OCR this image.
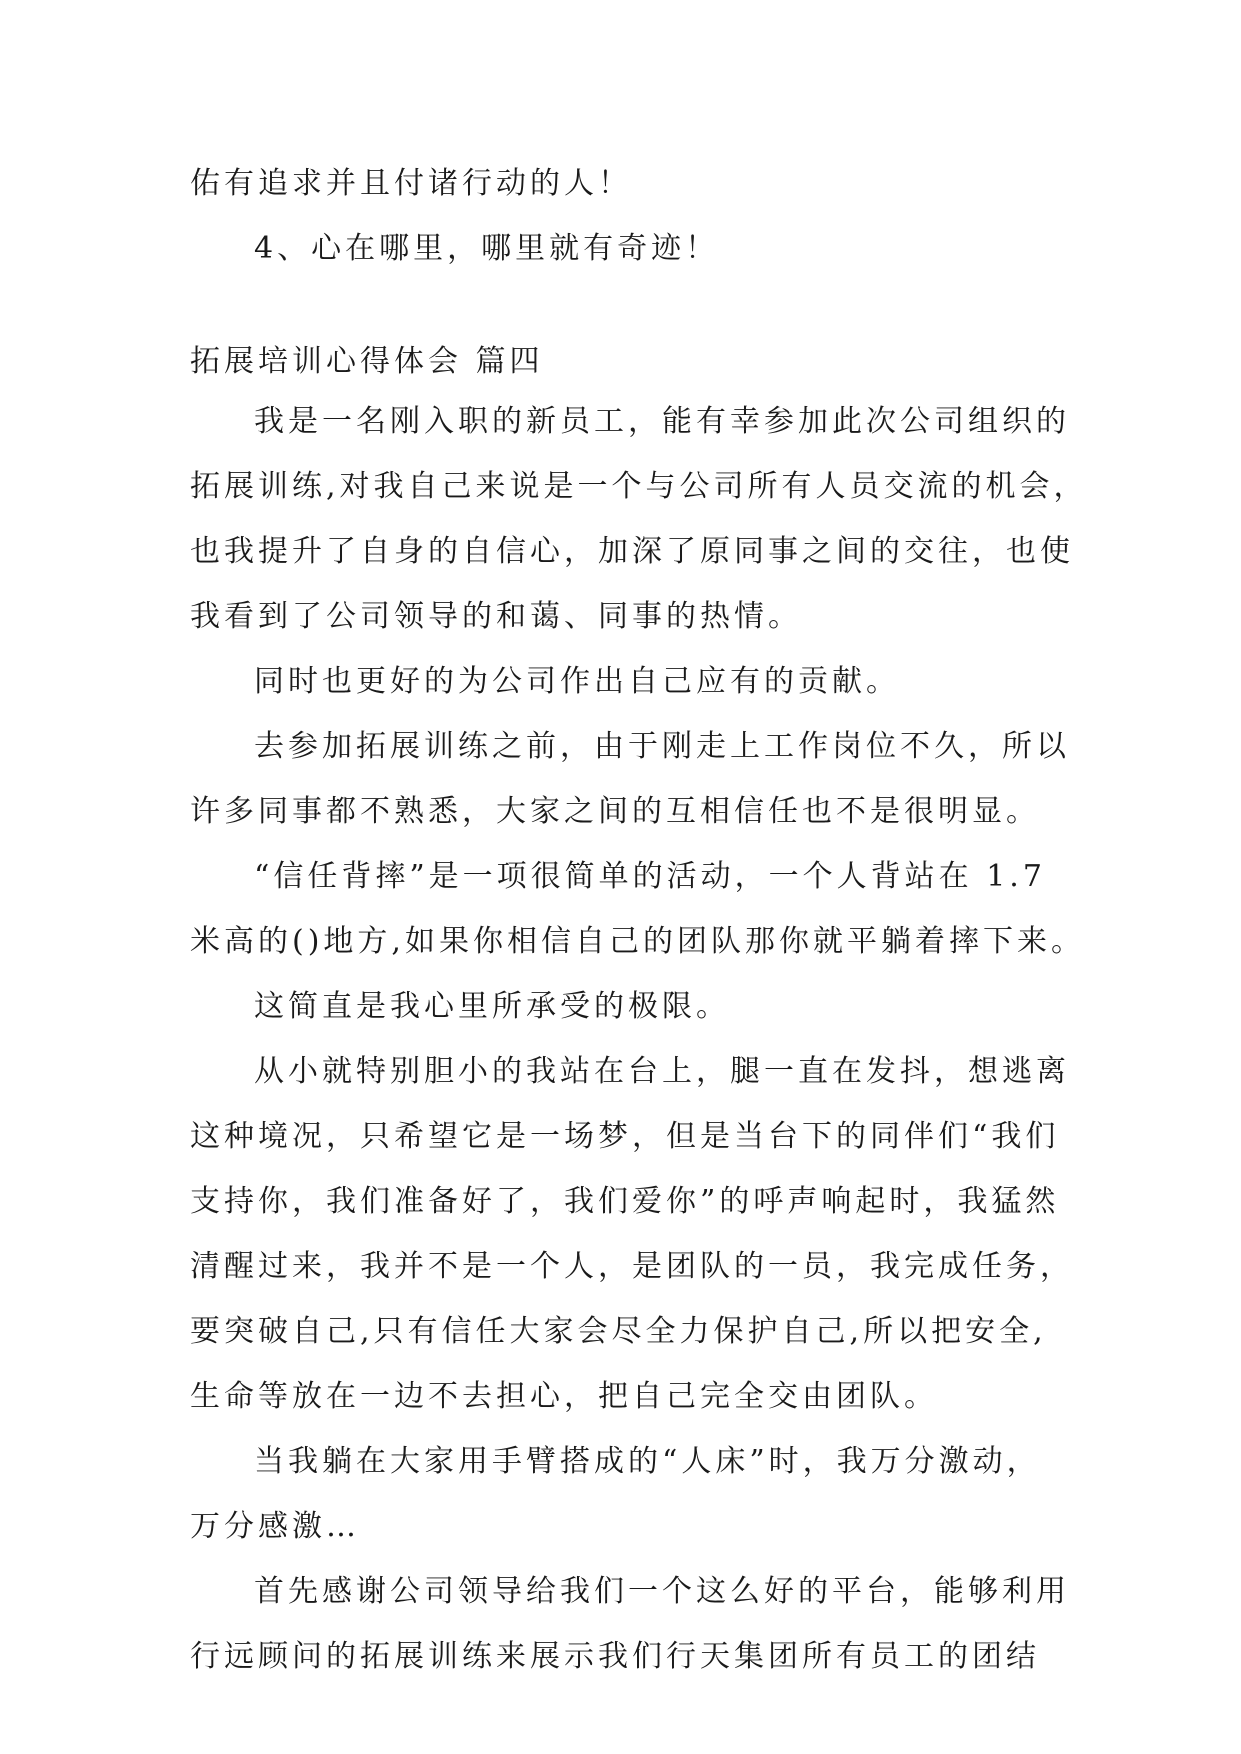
佑有追求并且付诸行动的人！
4、心在哪里，哪里就有奇迹！
拓展培训心得体会 篇四
我是一名刚入职的新员工，能有幸参加此次公司组织的
拓展训练,对我自己来说是一个与公司所有人员交流的机会，
也我提升了自身的自信心，加深了原同事之间的交往，也使
我看到了公司领导的和蔼、同事的热情。
同时也更好的为公司作出自己应有的贡献。
去参加拓展训练之前，由于刚走上工作岗位不久，所以
许多同事都不熟悉，大家之间的互相信任也不是很明显。
“信任背摔”是一项很简单的活动，一个人背站在 1.7
米高的()地方,如果你相信自己的团队那你就平躺着摔下来。
这简直是我心里所承受的极限。
从小就特别胆小的我站在台上，腿一直在发抖，想逃离
这种境况，只希望它是一场梦，但是当台下的同伴们“我们
支持你，我们准备好了，我们爱你”的呼声响起时，我猛然
清醒过来，我并不是一个人，是团队的一员，我完成任务，
要突破自己,只有信任大家会尽全力保护自己,所以把安全,
生命等放在一边不去担心，把自己完全交由团队。
当我躺在大家用手臂搭成的“人床”时，我万分激动，
万分感激…
首先感谢公司领导给我们一个这么好的平台，能够利用
行远顾问的拓展训练来展示我们行天集团所有员工的团结
